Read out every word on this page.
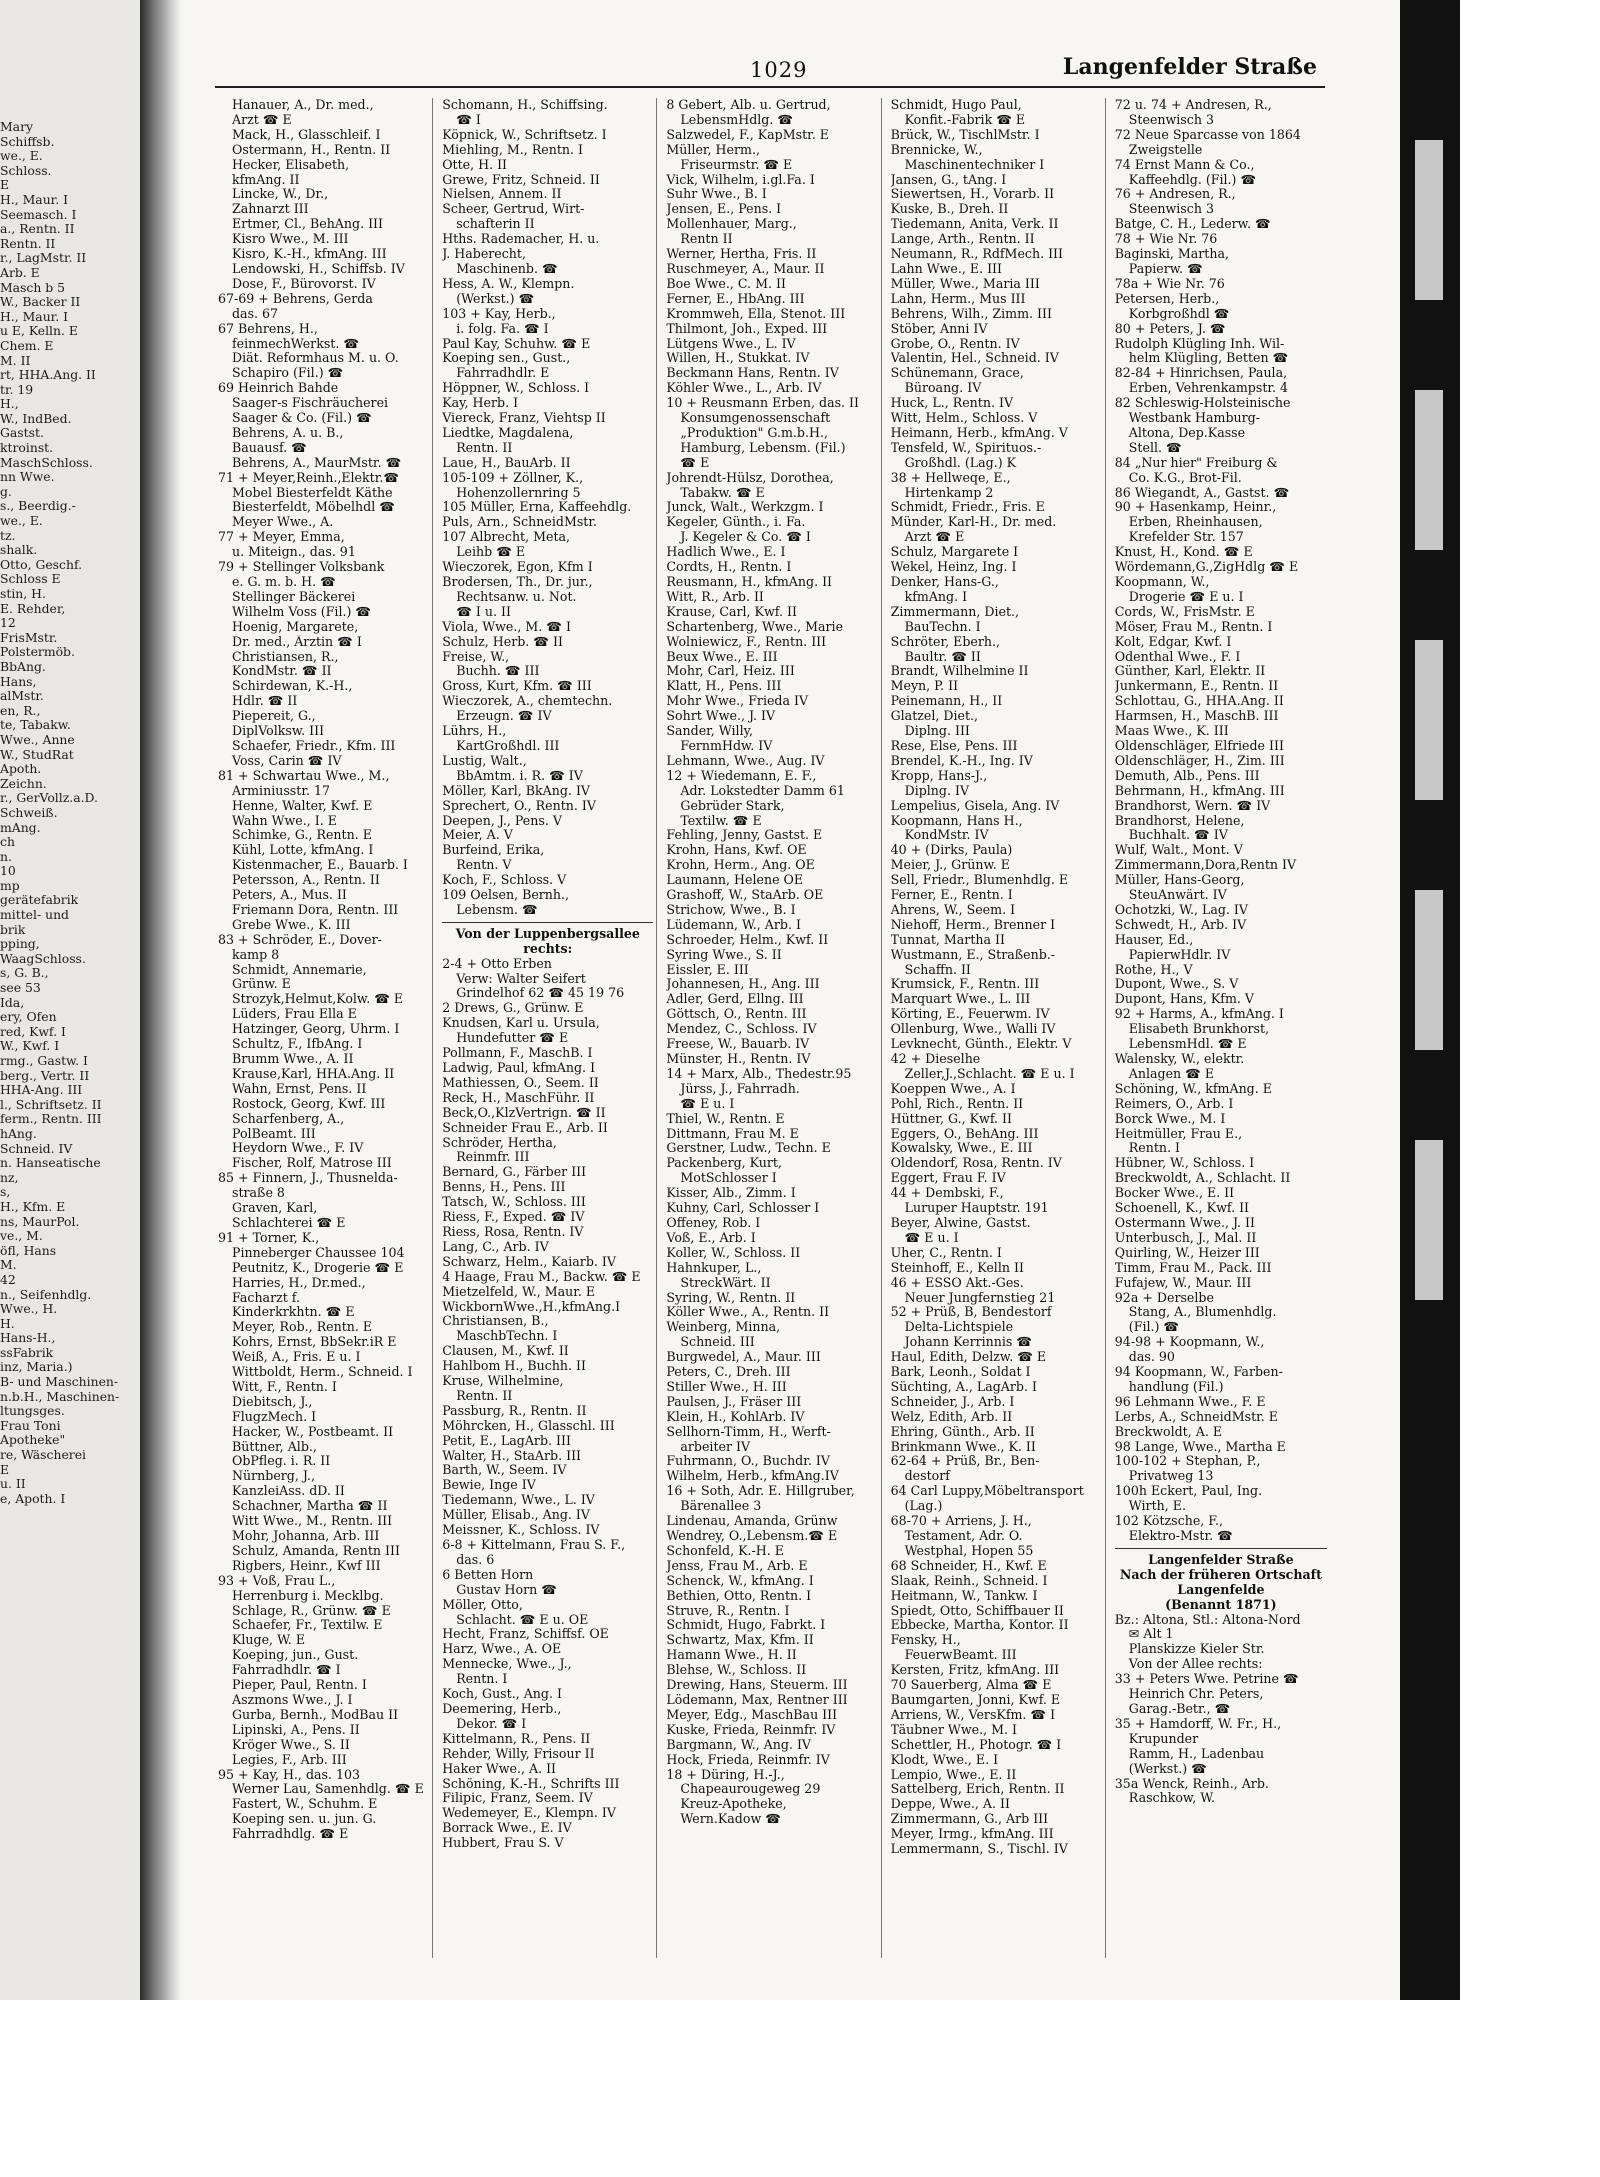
Mary
Schiffsb.
we., E.
Schloss.
E
H., Maur. I
Seemasch. I
a., Rentn. II
Rentn. II
r., LagMstr. II
Arb. E
Masch b 5
W., Backer II
H., Maur. I
u E, Kelln. E
Chem. E
M. II
rt, HHA.Ang. II
tr. 19
H.,
W., IndBed.
Gastst.
ktroinst.
MaschSchloss.
nn Wwe.
g.
s., Beerdig.-
we., E.
tz.
shalk.
Otto, Geschf.
Schloss E
stin, H.
E. Rehder,
12
FrisMstr.
Polstermöb.
BbAng.
Hans,
alMstr.
en, R.,
te, Tabakw.
Wwe., Anne
W., StudRat
Apoth.
Zeichn.
r., GerVollz.a.D.
Schweiß.
mAng.
ch
n.
10
mp
gerätefabrik
mittel- und
brik
pping,
WaagSchloss.
s, G. B.,
see 53
Ida,
ery, Ofen
red, Kwf. I
W., Kwf. I
rmg., Gastw. I
berg., Vertr. II
HHA-Ang. III
l., Schriftsetz. II
ferm., Rentn. III
hAng.
Schneid. IV
n. Hanseatische
nz,
s,
H., Kfm. E
ns, MaurPol.
ve., M.
öfl, Hans
M.
42
n., Seifenhdlg.
Wwe., H.
H.
Hans-H.,
ssFabrik
inz, Maria.)
B- und Maschinen-
n.b.H., Maschinen-
ltungsges.
Frau Toni
Apotheke"
re, Wäscherei
E
u. II
e, Apoth. I
1029	Langenfelder Straße
Hanauer, A., Dr. med.,
Arzt ☎ E
Mack, H., Glasschleif. I
Ostermann, H., Rentn. II
Hecker, Elisabeth,
kfmAng. II
Lincke, W., Dr.,
Zahnarzt III
Ertmer, Cl., BehAng. III
Kisro Wwe., M. III
Kisro, K.-H., kfmAng. III
Lendowski, H., Schiffsb. IV
Dose, F., Bürovorst. IV
67-69 + Behrens, Gerda
das. 67
67 Behrens, H.,
feinmechWerkst. ☎
Diät. Reformhaus M. u. O.
Schapiro (Fil.) ☎
69 Heinrich Bahde
Saager-s Fischräucherei
Saager & Co. (Fil.) ☎
Behrens, A. u. B.,
Bauausf. ☎
Behrens, A., MaurMstr. ☎
71 + Meyer,Reinh.,Elektr.☎
Mobel Biesterfeldt Käthe
Biesterfeldt, Möbelhdl ☎
Meyer Wwe., A.
77 + Meyer, Emma,
u. Miteign., das. 91
79 + Stellinger Volksbank
e. G. m. b. H. ☎
Stellinger Bäckerei
Wilhelm Voss (Fil.) ☎
Hoenig, Margarete,
Dr. med., Ärztin ☎ I
Christiansen, R.,
KondMstr. ☎ II
Schirdewan, K.-H.,
Hdlr. ☎ II
Piepereit, G.,
DiplVolksw. III
Schaefer, Friedr., Kfm. III
Voss, Carin ☎ IV
81 + Schwartau Wwe., M.,
Arminiusstr. 17
Henne, Walter, Kwf. E
Wahn Wwe., I. E
Schimke, G., Rentn. E
Kühl, Lotte, kfmAng. I
Kistenmacher, E., Bauarb. I
Petersson, A., Rentn. II
Peters, A., Mus. II
Friemann Dora, Rentn. III
Grebe Wwe., K. III
83 + Schröder, E., Dover-
kamp 8
Schmidt, Annemarie,
Grünw. E
Strozyk,Helmut,Kolw. ☎ E
Lüders, Frau Ella E
Hatzinger, Georg, Uhrm. I
Schultz, F., IfbAng. I
Brumm Wwe., A. II
Krause,Karl, HHA.Ang. II
Wahn, Ernst, Pens. II
Rostock, Georg, Kwf. III
Scharfenberg, A.,
PolBeamt. III
Heydorn Wwe., F. IV
Fischer, Rolf, Matrose III
85 + Finnern, J., Thusnelda-
straße 8
Graven, Karl,
Schlachterei ☎ E
91 + Torner, K.,
Pinneberger Chaussee 104
Peutnitz, K., Drogerie ☎ E
Harries, H., Dr.med.,
Facharzt f.
Kinderkrkhtn. ☎ E
Meyer, Rob., Rentn. E
Kohrs, Ernst, BbSekr.iR E
Weiß, A., Fris. E u. I
Wittboldt, Herm., Schneid. I
Witt, F., Rentn. I
Diebitsch, J.,
FlugzMech. I
Hacker, W., Postbeamt. II
Büttner, Alb.,
ObPfleg. i. R. II
Nürnberg, J.,
KanzleiAss. dD. II
Schachner, Martha ☎ II
Witt Wwe., M., Rentn. III
Mohr, Johanna, Arb. III
Schulz, Amanda, Rentn III
Rigbers, Heinr., Kwf III
93 + Voß, Frau L.,
Herrenburg i. Mecklbg.
Schlage, R., Grünw. ☎ E
Schaefer, Fr., Textilw. E
Kluge, W. E
Koeping, jun., Gust.
Fahrradhdlr. ☎ I
Pieper, Paul, Rentn. I
Aszmons Wwe., J. I
Gurba, Bernh., ModBau II
Lipinski, A., Pens. II
Kröger Wwe., S. II
Legies, F., Arb. III
95 + Kay, H., das. 103
Werner Lau, Samenhdlg. ☎ E
Fastert, W., Schuhm. E
Koeping sen. u. jun. G.
Fahrradhdlg. ☎ E
Schomann, H., Schiffsing.
☎ I
Köpnick, W., Schriftsetz. I
Miehling, M., Rentn. I
Otte, H. II
Grewe, Fritz, Schneid. II
Nielsen, Annem. II
Scheer, Gertrud, Wirt-
schafterin II
Hths. Rademacher, H. u.
J. Haberecht,
Maschinenb. ☎
Hess, A. W., Klempn.
(Werkst.) ☎
103 + Kay, Herb.,
i. folg. Fa. ☎ I
Paul Kay, Schuhw. ☎ E
Koeping sen., Gust.,
Fahrradhdlr. E
Höppner, W., Schloss. I
Kay, Herb. I
Viereck, Franz, Viehtsp II
Liedtke, Magdalena,
Rentn. II
Laue, H., BauArb. II
105-109 + Zöllner, K.,
Hohenzollernring 5
105 Müller, Erna, Kaffeehdlg.
Puls, Arn., SchneidMstr.
107 Albrecht, Meta,
Leihb ☎ E
Wieczorek, Egon, Kfm I
Brodersen, Th., Dr. jur.,
Rechtsanw. u. Not.
☎ I u. II
Viola, Wwe., M. ☎ I
Schulz, Herb. ☎ II
Freise, W.,
Buchh. ☎ III
Gross, Kurt, Kfm. ☎ III
Wieczorek, A., chemtechn.
Erzeugn. ☎ IV
Lührs, H.,
KartGroßhdl. III
Lustig, Walt.,
BbAmtm. i. R. ☎ IV
Möller, Karl, BkAng. IV
Sprechert, O., Rentn. IV
Deepen, J., Pens. V
Meier, A. V
Burfeind, Erika,
Rentn. V
Koch, F., Schloss. V
109 Oelsen, Bernh.,
Lebensm. ☎
Von der Luppenbergsallee
rechts:
2-4 + Otto Erben
Verw: Walter Seifert
Grindelhof 62 ☎ 45 19 76
2 Drews, G., Grünw. E
Knudsen, Karl u. Ursula,
Hundefutter ☎ E
Pollmann, F., MaschB. I
Ladwig, Paul, kfmAng. I
Mathiessen, O., Seem. II
Reck, H., MaschFühr. II
Beck,O.,KlzVertrign. ☎ II
Schneider Frau E., Arb. II
Schröder, Hertha,
Reinmfr. III
Bernard, G., Färber III
Benns, H., Pens. III
Tatsch, W., Schloss. III
Riess, F., Exped. ☎ IV
Riess, Rosa, Rentn. IV
Lang, C., Arb. IV
Schwarz, Helm., Kaiarb. IV
4 Haage, Frau M., Backw. ☎ E
Mietzelfeld, W., Maur. E
WickbornWwe.,H.,kfmAng.I
Christiansen, B.,
MaschbTechn. I
Clausen, M., Kwf. II
Hahlbom H., Buchh. II
Kruse, Wilhelmine,
Rentn. II
Passburg, R., Rentn. II
Möhrcken, H., Glasschl. III
Petit, E., LagArb. III
Walter, H., StaArb. III
Barth, W., Seem. IV
Bewie, Inge IV
Tiedemann, Wwe., L. IV
Müller, Elisab., Ang. IV
Meissner, K., Schloss. IV
6-8 + Kittelmann, Frau S. F.,
das. 6
6 Betten Horn
Gustav Horn ☎
Möller, Otto,
Schlacht. ☎ E u. OE
Hecht, Franz, Schiffsf. OE
Harz, Wwe., A. OE
Mennecke, Wwe., J.,
Rentn. I
Koch, Gust., Ang. I
Deemering, Herb.,
Dekor. ☎ I
Kittelmann, R., Pens. II
Rehder, Willy, Frisour II
Haker Wwe., A. II
Schöning, K.-H., Schrifts III
Filipic, Franz, Seem. IV
Wedemeyer, E., Klempn. IV
Borrack Wwe., E. IV
Hubbert, Frau S. V
8 Gebert, Alb. u. Gertrud,
LebensmHdlg. ☎
Salzwedel, F., KapMstr. E
Müller, Herm.,
Friseurmstr. ☎ E
Vick, Wilhelm, i.gl.Fa. I
Suhr Wwe., B. I
Jensen, E., Pens. I
Mollenhauer, Marg.,
Rentn II
Werner, Hertha, Fris. II
Ruschmeyer, A., Maur. II
Boe Wwe., C. M. II
Ferner, E., HbAng. III
Krommweh, Ella, Stenot. III
Thilmont, Joh., Exped. III
Lütgens Wwe., L. IV
Willen, H., Stukkat. IV
Beckmann Hans, Rentn. IV
Köhler Wwe., L., Arb. IV
10 + Reusmann Erben, das. II
Konsumgenossenschaft
„Produktion" G.m.b.H.,
Hamburg, Lebensm. (Fil.)
☎ E
Johrendt-Hülsz, Dorothea,
Tabakw. ☎ E
Junck, Walt., Werkzgm. I
Kegeler, Günth., i. Fa.
J. Kegeler & Co. ☎ I
Hadlich Wwe., E. I
Cordts, H., Rentn. I
Reusmann, H., kfmAng. II
Witt, R., Arb. II
Krause, Carl, Kwf. II
Schartenberg, Wwe., Marie
Wolniewicz, F., Rentn. III
Beux Wwe., E. III
Mohr, Carl, Heiz. III
Klatt, H., Pens. III
Mohr Wwe., Frieda IV
Sohrt Wwe., J. IV
Sander, Willy,
FernmHdw. IV
Lehmann, Wwe., Aug. IV
12 + Wiedemann, E. F.,
Adr. Lokstedter Damm 61
Gebrüder Stark,
Textilw. ☎ E
Fehling, Jenny, Gastst. E
Krohn, Hans, Kwf. OE
Krohn, Herm., Ang. OE
Laumann, Helene OE
Grashoff, W., StaArb. OE
Strichow, Wwe., B. I
Lüdemann, W., Arb. I
Schroeder, Helm., Kwf. II
Syring Wwe., S. II
Eissler, E. III
Johannesen, H., Ang. III
Adler, Gerd, Ellng. III
Göttsch, O., Rentn. III
Mendez, C., Schloss. IV
Freese, W., Bauarb. IV
Münster, H., Rentn. IV
14 + Marx, Alb., Thedestr.95
Jürss, J., Fahrradh.
☎ E u. I
Thiel, W., Rentn. E
Dittmann, Frau M. E
Gerstner, Ludw., Techn. E
Packenberg, Kurt,
MotSchlosser I
Kisser, Alb., Zimm. I
Kuhny, Carl, Schlosser I
Offeney, Rob. I
Voß, E., Arb. I
Koller, W., Schloss. II
Hahnkuper, L.,
StreckWärt. II
Syring, W., Rentn. II
Köller Wwe., A., Rentn. II
Weinberg, Minna,
Schneid. III
Burgwedel, A., Maur. III
Peters, C., Dreh. III
Stiller Wwe., H. III
Paulsen, J., Fräser III
Klein, H., KohlArb. IV
Sellhorn-Timm, H., Werft-
arbeiter IV
Fuhrmann, O., Buchdr. IV
Wilhelm, Herb., kfmAng.IV
16 + Soth, Adr. E. Hillgruber,
Bärenallee 3
Lindenau, Amanda, Grünw
Wendrey, O.,Lebensm.☎ E
Schonfeld, K.-H. E
Jenss, Frau M., Arb. E
Schenck, W., kfmAng. I
Bethien, Otto, Rentn. I
Struve, R., Rentn. I
Schmidt, Hugo, Fabrkt. I
Schwartz, Max, Kfm. II
Hamann Wwe., H. II
Blehse, W., Schloss. II
Drewing, Hans, Steuerm. III
Lödemann, Max, Rentner III
Meyer, Edg., MaschBau III
Kuske, Frieda, Reinmfr. IV
Bargmann, W., Ang. IV
Hock, Frieda, Reinmfr. IV
18 + Düring, H.-J.,
Chapeaurougeweg 29
Kreuz-Apotheke,
Wern.Kadow ☎
Schmidt, Hugo Paul,
Konfit.-Fabrik ☎ E
Brück, W., TischlMstr. I
Brennicke, W.,
Maschinentechniker I
Jansen, G., tAng. I
Siewertsen, H., Vorarb. II
Kuske, B., Dreh. II
Tiedemann, Anita, Verk. II
Lange, Arth., Rentn. II
Neumann, R., RdfMech. III
Lahn Wwe., E. III
Müller, Wwe., Maria III
Lahn, Herm., Mus III
Behrens, Wilh., Zimm. III
Stöber, Anni IV
Grobe, O., Rentn. IV
Valentin, Hel., Schneid. IV
Schünemann, Grace,
Büroang. IV
Huck, L., Rentn. IV
Witt, Helm., Schloss. V
Heimann, Herb., kfmAng. V
Tensfeld, W., Spirituos.-
Großhdl. (Lag.) K
38 + Hellweqe, E.,
Hirtenkamp 2
Schmidt, Friedr., Fris. E
Münder, Karl-H., Dr. med.
Arzt ☎ E
Schulz, Margarete I
Wekel, Heinz, Ing. I
Denker, Hans-G.,
kfmAng. I
Zimmermann, Diet.,
BauTechn. I
Schröter, Eberh.,
Baultr. ☎ II
Brandt, Wilhelmine II
Meyn, P. II
Peinemann, H., II
Glatzel, Diet.,
Diplng. III
Rese, Else, Pens. III
Brendel, K.-H., Ing. IV
Kropp, Hans-J.,
Diplng. IV
Lempelius, Gisela, Ang. IV
Koopmann, Hans H.,
KondMstr. IV
40 + (Dirks, Paula)
Meier, J., Grünw. E
Sell, Friedr., Blumenhdlg. E
Ferner, E., Rentn. I
Ahrens, W., Seem. I
Niehoff, Herm., Brenner I
Tunnat, Martha II
Wustmann, E., Straßenb.-
Schaffn. II
Krumsick, F., Rentn. III
Marquart Wwe., L. III
Körting, E., Feuerwm. IV
Ollenburg, Wwe., Walli IV
Levknecht, Günth., Elektr. V
42 + Dieselhe
Zeller,J.,Schlacht. ☎ E u. I
Koeppen Wwe., A. I
Pohl, Rich., Rentn. II
Hüttner, G., Kwf. II
Eggers, O., BehAng. III
Kowalsky, Wwe., E. III
Oldendorf, Rosa, Rentn. IV
Eggert, Frau F. IV
44 + Dembski, F.,
Luruper Hauptstr. 191
Beyer, Alwine, Gastst.
☎ E u. I
Uher, C., Rentn. I
Steinhoff, E., Kelln II
46 + ESSO Akt.-Ges.
Neuer Jungfernstieg 21
52 + Prüß, B, Bendestorf
Delta-Lichtspiele
Johann Kerrinnis ☎
Haul, Edith, Delzw. ☎ E
Bark, Leonh., Soldat I
Süchting, A., LagArb. I
Schneider, J., Arb. I
Welz, Edith, Arb. II
Ehring, Günth., Arb. II
Brinkmann Wwe., K. II
62-64 + Prüß, Br., Ben-
destorf
64 Carl Luppy,Möbeltransport
(Lag.)
68-70 + Arriens, J. H.,
Testament, Adr. O.
Westphal, Hopen 55
68 Schneider, H., Kwf. E
Slaak, Reinh., Schneid. I
Heitmann, W., Tankw. I
Spiedt, Otto, Schiffbauer II
Ebbecke, Martha, Kontor. II
Fensky, H.,
FeuerwBeamt. III
Kersten, Fritz, kfmAng. III
70 Sauerberg, Alma ☎ E
Baumgarten, Jonni, Kwf. E
Arriens, W., VersKfm. ☎ I
Täubner Wwe., M. I
Schettler, H., Photogr. ☎ I
Klodt, Wwe., E. I
Lempio, Wwe., E. II
Sattelberg, Erich, Rentn. II
Deppe, Wwe., A. II
Zimmermann, G., Arb III
Meyer, Irmg., kfmAng. III
Lemmermann, S., Tischl. IV
72 u. 74 + Andresen, R.,
Steenwisch 3
72 Neue Sparcasse von 1864
Zweigstelle
74 Ernst Mann & Co.,
Kaffeehdlg. (Fil.) ☎
76 + Andresen, R.,
Steenwisch 3
Batge, C. H., Lederw. ☎
78 + Wie Nr. 76
Baginski, Martha,
Papierw. ☎
78a + Wie Nr. 76
Petersen, Herb.,
Korbgroßhdl ☎
80 + Peters, J. ☎
Rudolph Klügling Inh. Wil-
helm Klügling, Betten ☎
82-84 + Hinrichsen, Paula,
Erben, Vehrenkampstr. 4
82 Schleswig-Holsteinische
Westbank Hamburg-
Altona, Dep.Kasse
Stell. ☎
84 „Nur hier" Freiburg &
Co. K.G., Brot-Fil.
86 Wiegandt, A., Gastst. ☎
90 + Hasenkamp, Heinr.,
Erben, Rheinhausen,
Krefelder Str. 157
Knust, H., Kond. ☎ E
Wördemann,G.,ZigHdlg ☎ E
Koopmann, W.,
Drogerie ☎ E u. I
Cords, W., FrisMstr. E
Möser, Frau M., Rentn. I
Kolt, Edgar, Kwf. I
Odenthal Wwe., F. I
Günther, Karl, Elektr. II
Junkermann, E., Rentn. II
Schlottau, G., HHA.Ang. II
Harmsen, H., MaschB. III
Maas Wwe., K. III
Oldenschläger, Elfriede III
Oldenschläger, H., Zim. III
Demuth, Alb., Pens. III
Behrmann, H., kfmAng. III
Brandhorst, Wern. ☎ IV
Brandhorst, Helene,
Buchhalt. ☎ IV
Wulf, Walt., Mont. V
Zimmermann,Dora,Rentn IV
Müller, Hans-Georg,
SteuAnwärt. IV
Ochotzki, W., Lag. IV
Schwedt, H., Arb. IV
Hauser, Ed.,
PapierwHdlr. IV
Rothe, H., V
Dupont, Wwe., S. V
Dupont, Hans, Kfm. V
92 + Harms, A., kfmAng. I
Elisabeth Brunkhorst,
LebensmHdl. ☎ E
Walensky, W., elektr.
Anlagen ☎ E
Schöning, W., kfmAng. E
Reimers, O., Arb. I
Borck Wwe., M. I
Heitmüller, Frau E.,
Rentn. I
Hübner, W., Schloss. I
Breckwoldt, A., Schlacht. II
Bocker Wwe., E. II
Schoenell, K., Kwf. II
Ostermann Wwe., J. II
Unterbusch, J., Mal. II
Quirling, W., Heizer III
Timm, Frau M., Pack. III
Fufajew, W., Maur. III
92a + Derselbe
Stang, A., Blumenhdlg.
(Fil.) ☎
94-98 + Koopmann, W.,
das. 90
94 Koopmann, W., Farben-
handlung (Fil.)
96 Lehmann Wwe., F. E
Lerbs, A., SchneidMstr. E
Breckwoldt, A. E
98 Lange, Wwe., Martha E
100-102 + Stephan, P.,
Privatweg 13
100h Eckert, Paul, Ing.
Wirth, E.
102 Kötzsche, F.,
Elektro-Mstr. ☎
Langenfelder Straße
Nach der früheren Ortschaft
Langenfelde
(Benannt 1871)
Bz.: Altona, Stl.: Altona-Nord
✉ Alt 1
Planskizze Kieler Str.
Von der Allee rechts:
33 + Peters Wwe. Petrine ☎
Heinrich Chr. Peters,
Garag.-Betr., ☎
35 + Hamdorff, W. Fr., H.,
Krupunder
Ramm, H., Ladenbau
(Werkst.) ☎
35a Wenck, Reinh., Arb.
Raschkow, W.
